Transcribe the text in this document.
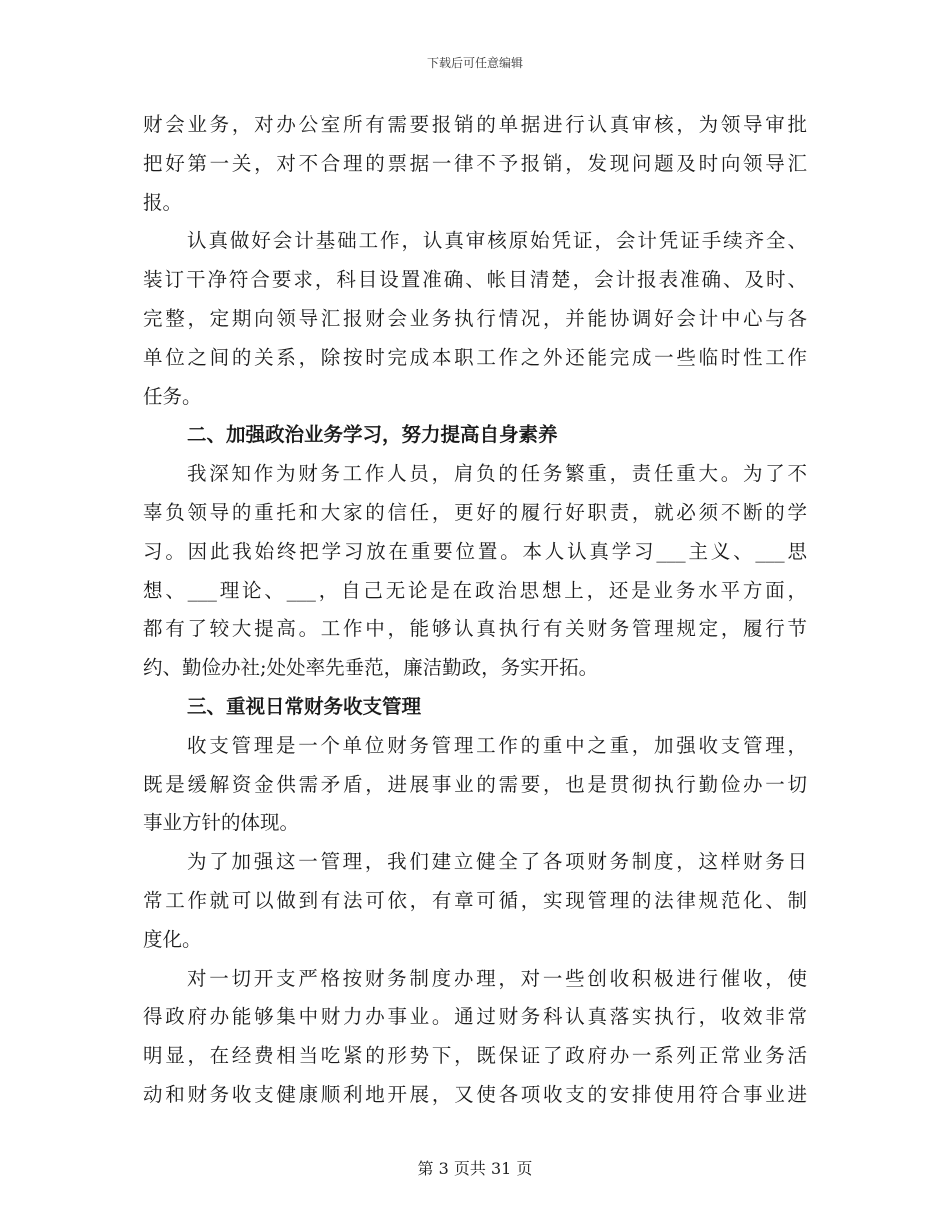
下载后可任意编辑
财会业务，对办公室所有需要报销的单据进行认真审核，为领导审批
把好第一关，对不合理的票据一律不予报销，发现问题及时向领导汇
报。
认真做好会计基础工作，认真审核原始凭证，会计凭证手续齐全、
装订干净符合要求，科目设置准确、帐目清楚，会计报表准确、及时、
完整，定期向领导汇报财会业务执行情况，并能协调好会计中心与各
单位之间的关系，除按时完成本职工作之外还能完成一些临时性工作
任务。
二、加强政治业务学习，努力提高自身素养
我深知作为财务工作人员，肩负的任务繁重，责任重大。为了不
辜负领导的重托和大家的信任，更好的履行好职责，就必须不断的学
习。因此我始终把学习放在重要位置。本人认真学习___主义、___思
想、___理论、___，自己无论是在政治思想上，还是业务水平方面，
都有了较大提高。工作中，能够认真执行有关财务管理规定，履行节
约、勤俭办社;处处率先垂范，廉洁勤政，务实开拓。
三、重视日常财务收支管理
收支管理是一个单位财务管理工作的重中之重，加强收支管理，
既是缓解资金供需矛盾，进展事业的需要，也是贯彻执行勤俭办一切
事业方针的体现。
为了加强这一管理，我们建立健全了各项财务制度，这样财务日
常工作就可以做到有法可依，有章可循，实现管理的法律规范化、制
度化。
对一切开支严格按财务制度办理，对一些创收积极进行催收，使
得政府办能够集中财力办事业。通过财务科认真落实执行，收效非常
明显，在经费相当吃紧的形势下，既保证了政府办一系列正常业务活
动和财务收支健康顺利地开展，又使各项收支的安排使用符合事业进
第 3 页共 31 页
